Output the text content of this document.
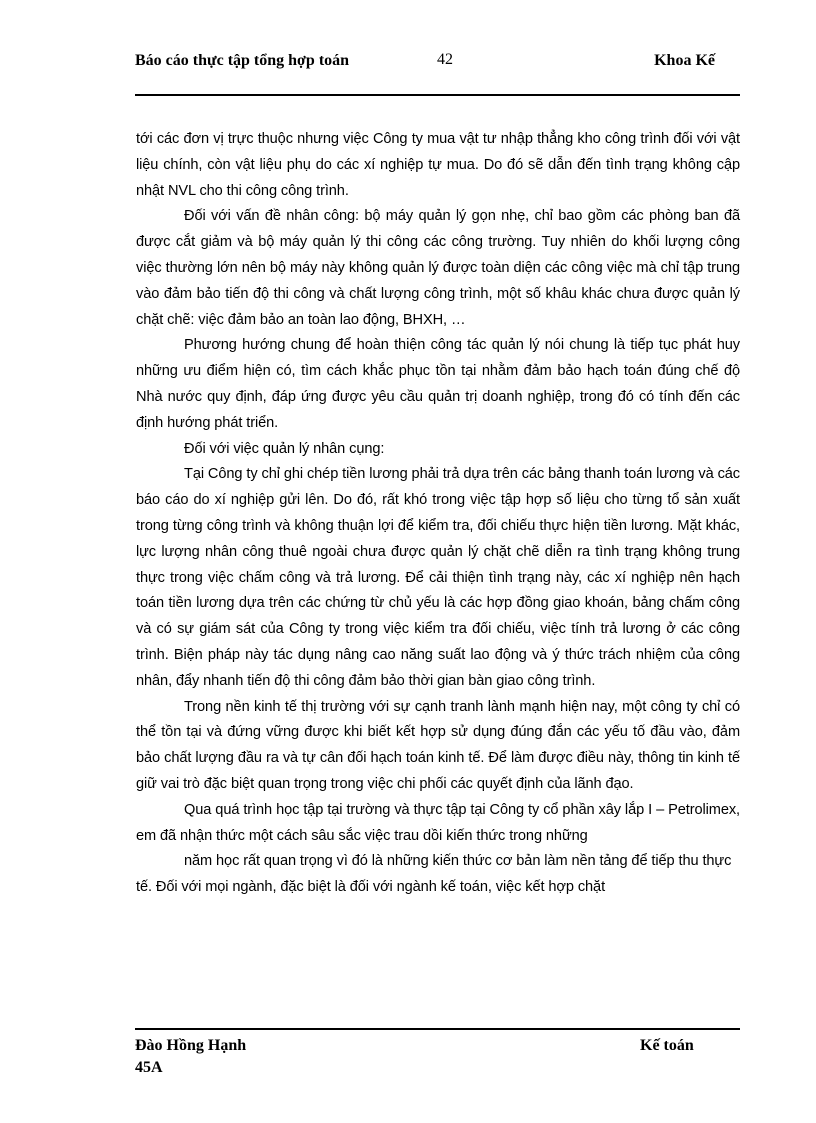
Báo cáo thực tập tổng hợp toán	42	Khoa Kế

tới các đơn vị trực thuộc nhưng việc Công ty mua vật tư nhập thẳng kho công trình đối với vật liệu chính, còn vật liệu phụ do các xí nghiệp tự mua. Do đó sẽ dẫn đến tình trạng không cập nhật NVL cho thi công công trình.

Đối với vấn đề nhân công: bộ máy quản lý gọn nhẹ, chỉ bao gồm các phòng ban đã được cắt giảm và bộ máy quản lý thi công các công trường. Tuy nhiên do khối lượng công việc thường lớn nên bộ máy này không quản lý được toàn diện các công việc mà chỉ tập trung vào đảm bảo tiến độ thi công và chất lượng công trình, một số khâu khác chưa được quản lý chặt chẽ: việc đảm bảo an toàn lao động, BHXH, …

Phương hướng chung để hoàn thiện công tác quản lý nói chung là tiếp tục phát huy những ưu điểm hiện có, tìm cách khắc phục tồn tại nhằm đảm bảo hạch toán đúng chế độ Nhà nước quy định, đáp ứng được yêu cầu quản trị doanh nghiệp, trong đó có tính đến các định hướng phát triển.

Đối với việc quản lý nhân cụng:

Tại Công ty chỉ ghi chép tiền lương phải trả dựa trên các bảng thanh toán lương và các báo cáo do xí nghiệp gửi lên. Do đó, rất khó trong việc tập hợp số liệu cho từng tổ sản xuất trong từng công trình và không thuận lợi để kiểm tra, đối chiếu thực hiện tiền lương. Mặt khác, lực lượng nhân công thuê ngoài chưa được quản lý chặt chẽ diễn ra tình trạng không trung thực trong việc chấm công và trả lương. Để cải thiện tình trạng này, các xí nghiệp nên hạch toán tiền lương dựa trên các chứng từ chủ yếu là các hợp đồng giao khoán, bảng chấm công và có sự giám sát của Công ty trong việc kiểm tra đối chiếu, việc tính trả lương ở các công trình. Biện pháp này tác dụng nâng cao năng suất lao động và ý thức trách nhiệm của công nhân, đẩy nhanh tiến độ thi công đảm bảo thời gian bàn giao công trình.

Trong nền kinh tế thị trường với sự cạnh tranh lành mạnh hiện nay, một công ty chỉ có thể tồn tại và đứng vững được khi biết kết hợp sử dụng đúng đắn các yếu tố đầu vào, đảm bảo chất lượng đầu ra và tự cân đối hạch toán kinh tế. Để làm được điều này, thông tin kinh tế giữ vai trò đặc biệt quan trọng trong việc chi phối các quyết định của lãnh đạo.

Qua quá trình học tập tại trường và thực tập tại Công ty cổ phần xây lắp I – Petrolimex, em đã nhận thức một cách sâu sắc việc trau dồi kiến thức trong những

năm học rất quan trọng vì đó là những kiến thức cơ bản làm nền tảng để tiếp thu thực tế. Đối với mọi ngành, đặc biệt là đối với ngành kế toán, việc kết hợp chặt

Đào Hồng Hạnh 45A
Kế toán
